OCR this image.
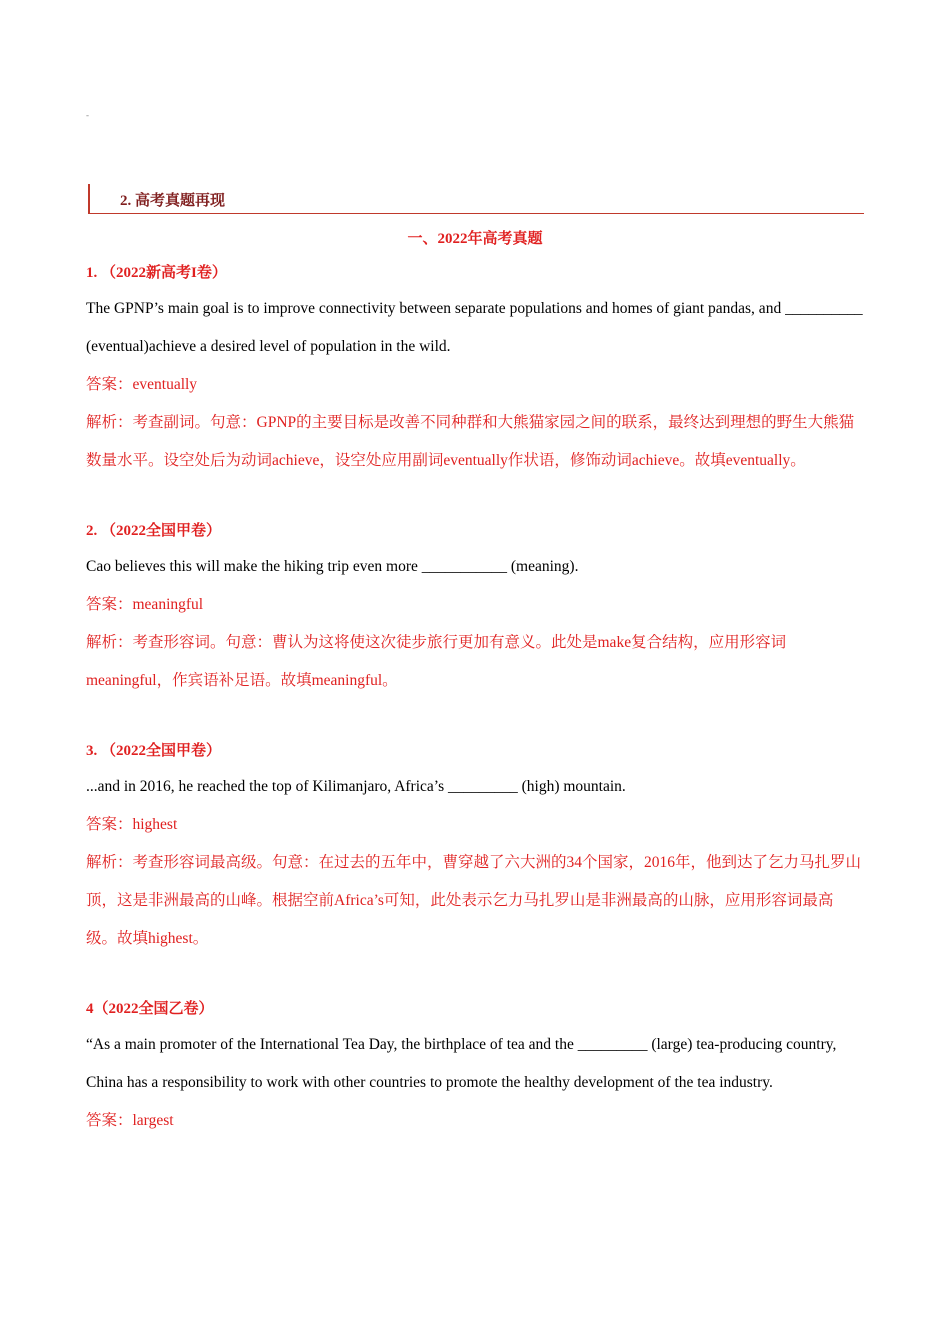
-
2. 高考真题再现
一、2022年高考真题
1. （2022新高考I卷）
The GPNP’s main goal is to improve connectivity between separate populations and homes of giant pandas, and __________ (eventual)achieve a desired level of population in the wild.
答案：eventually
解析：考查副词。句意：GPNP的主要目标是改善不同种群和大熊猫家园之间的联系，最终达到理想的野生大熊猫数量水平。设空处后为动词achieve，设空处应用副词eventually作状语，修饰动词achieve。故填eventually。
2. （2022全国甲卷）
Cao believes this will make the hiking trip even more ___________ (meaning).
答案：meaningful
解析：考查形容词。句意：曹认为这将使这次徒步旅行更加有意义。此处是make复合结构，应用形容词meaningful，作宾语补足语。故填meaningful。
3. （2022全国甲卷）
...and in 2016, he reached the top of Kilimanjaro, Africa’s _________ (high) mountain.
答案：highest
解析：考查形容词最高级。句意：在过去的五年中，曹穿越了六大洲的34个国家，2016年，他到达了乞力马扎罗山顶，这是非洲最高的山峰。根据空前Africa’s可知，此处表示乞力马扎罗山是非洲最高的山脉，应用形容词最高级。故填highest。
4（2022全国乙卷）
“As a main promoter of the International Tea Day, the birthplace of tea and the _________ (large) tea-producing country, China has a responsibility to work with other countries to promote the healthy development of the tea industry.
答案：largest
